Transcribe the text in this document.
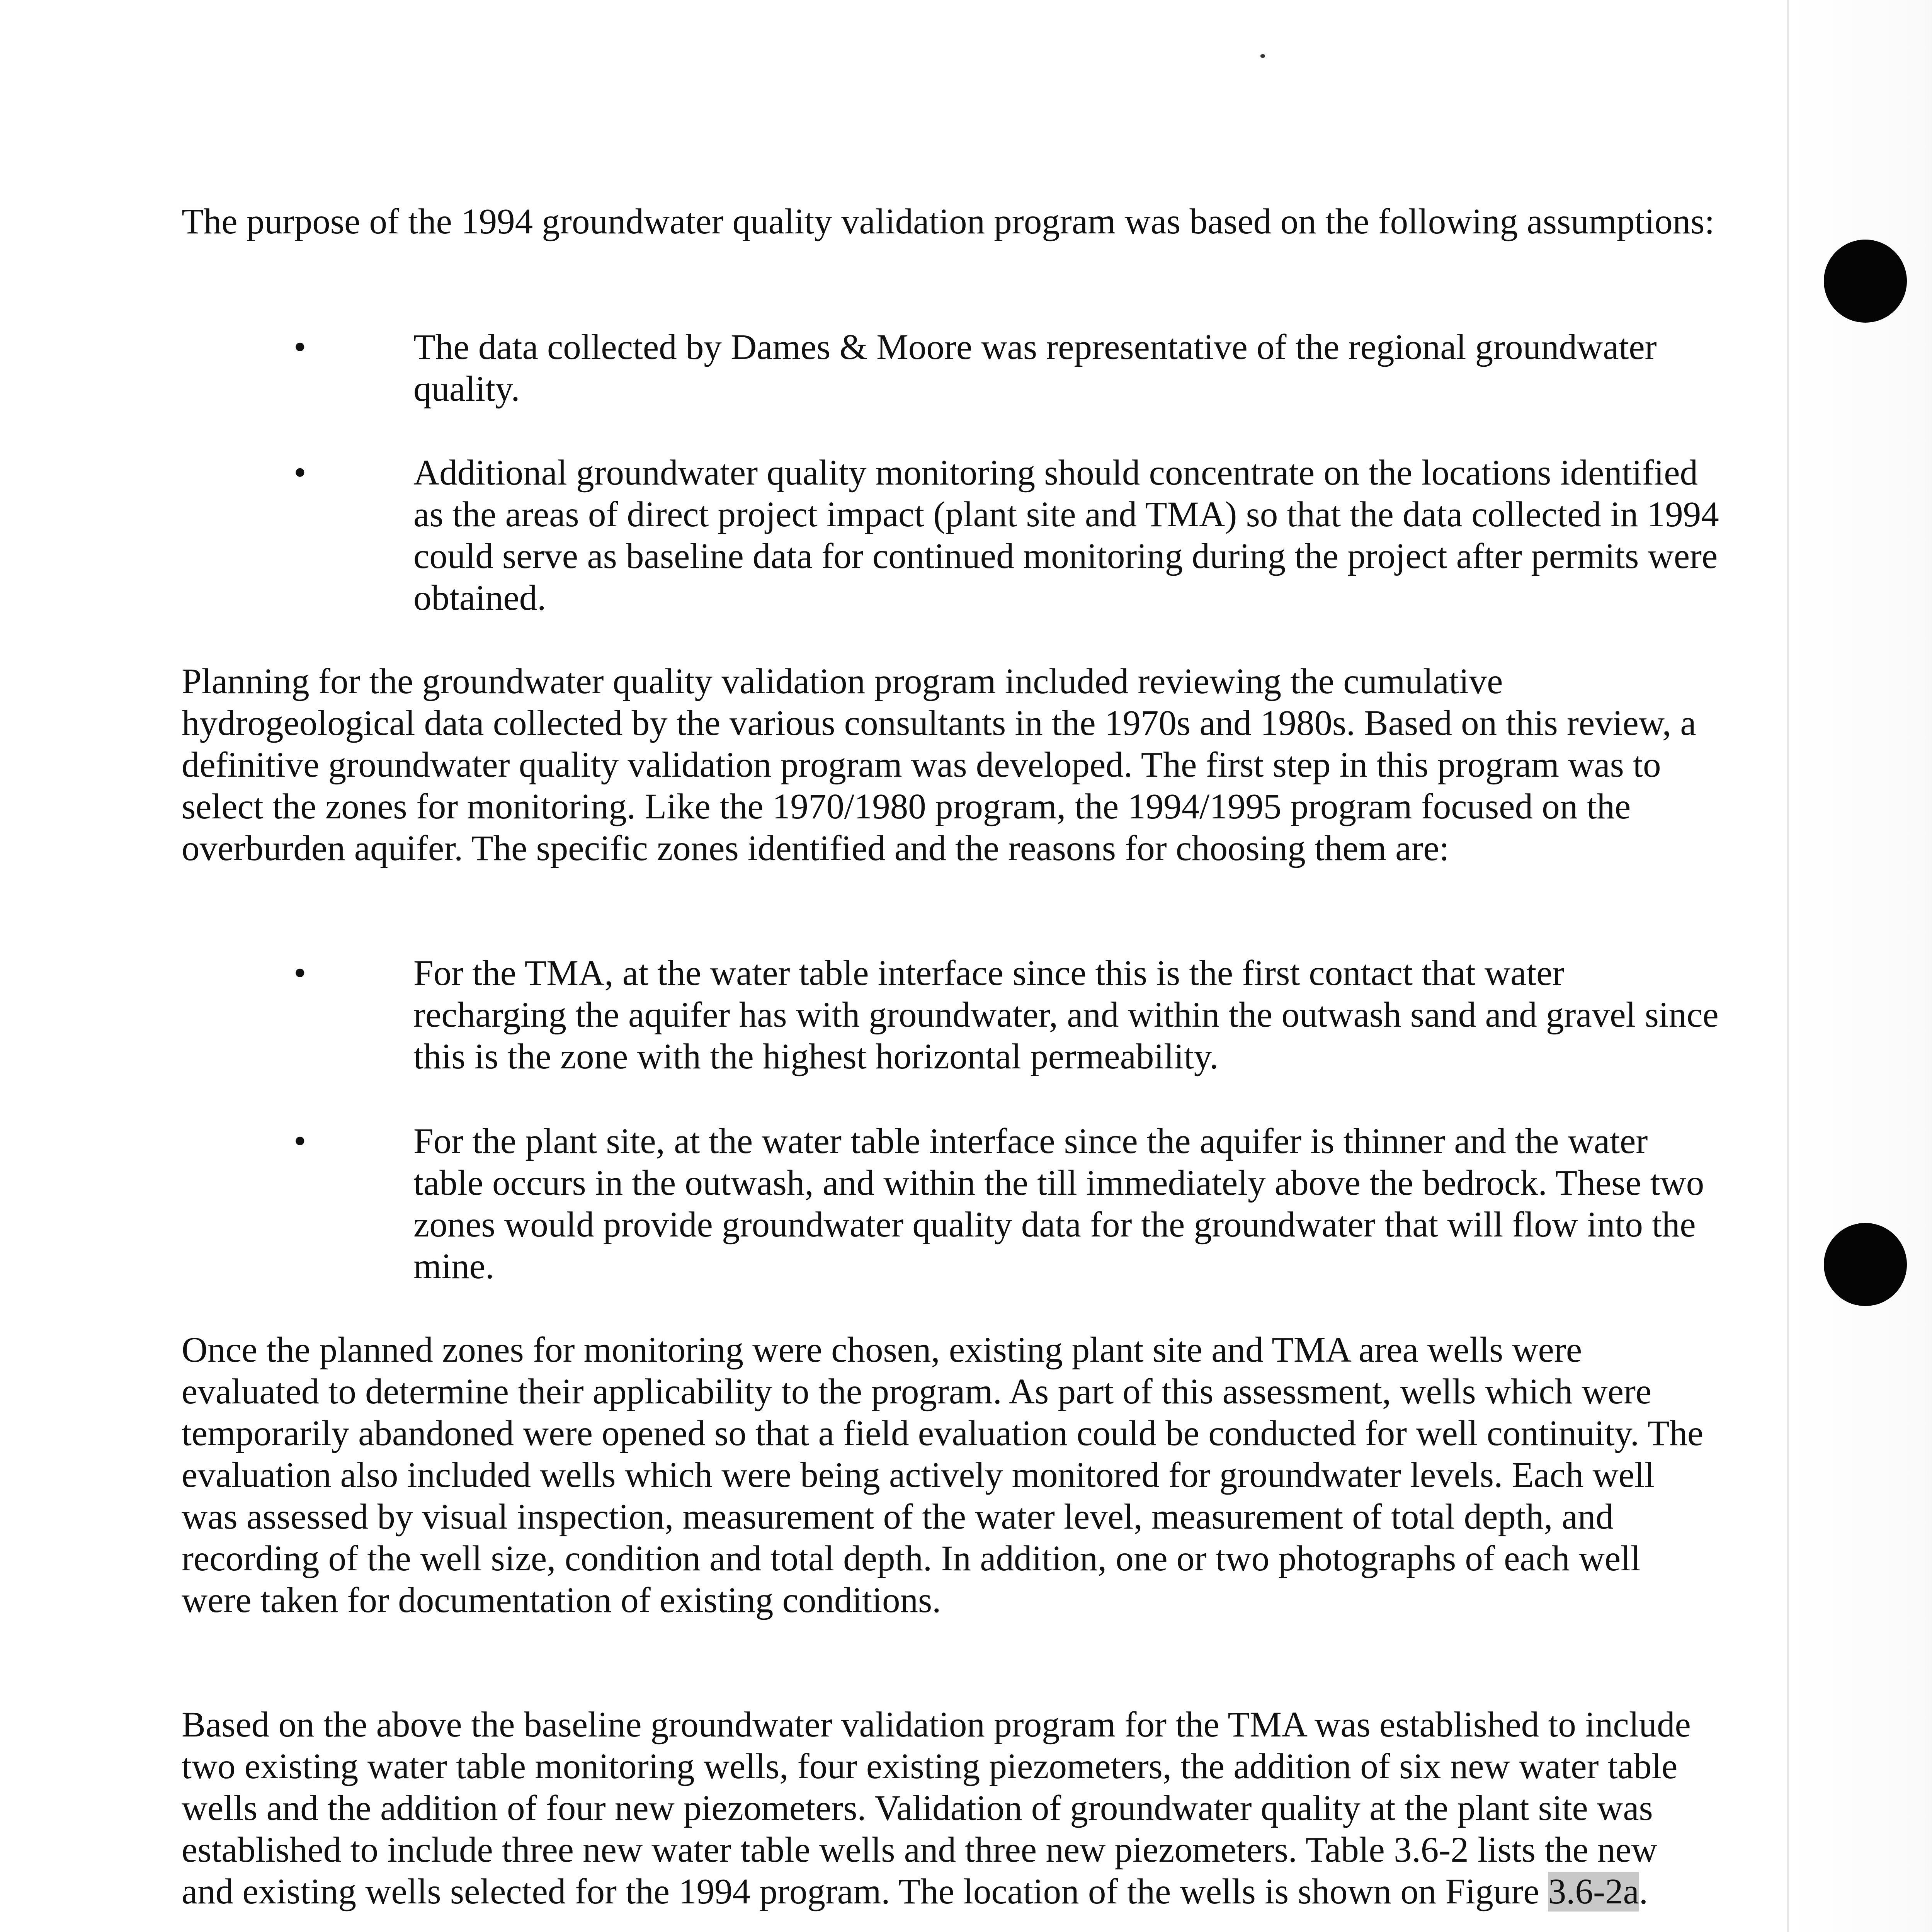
The purpose of the 1994 groundwater quality validation program was based on the following assumptions:

•	The data collected by Dames & Moore was representative of the regional groundwater quality.

•	Additional groundwater quality monitoring should concentrate on the locations identified as the areas of direct project impact (plant site and TMA) so that the data collected in 1994 could serve as baseline data for continued monitoring during the project after permits were obtained.

Planning for the groundwater quality validation program included reviewing the cumulative hydrogeological data collected by the various consultants in the 1970s and 1980s. Based on this review, a definitive groundwater quality validation program was developed. The first step in this program was to select the zones for monitoring. Like the 1970/1980 program, the 1994/1995 program focused on the overburden aquifer. The specific zones identified and the reasons for choosing them are:

•	For the TMA, at the water table interface since this is the first contact that water recharging the aquifer has with groundwater, and within the outwash sand and gravel since this is the zone with the highest horizontal permeability.

•	For the plant site, at the water table interface since the aquifer is thinner and the water table occurs in the outwash, and within the till immediately above the bedrock. These two zones would provide groundwater quality data for the groundwater that will flow into the mine.

Once the planned zones for monitoring were chosen, existing plant site and TMA area wells were evaluated to determine their applicability to the program. As part of this assessment, wells which were temporarily abandoned were opened so that a field evaluation could be conducted for well continuity. The evaluation also included wells which were being actively monitored for groundwater levels. Each well was assessed by visual inspection, measurement of the water level, measurement of total depth, and recording of the well size, condition and total depth. In addition, one or two photographs of each well were taken for documentation of existing conditions.

Based on the above the baseline groundwater validation program for the TMA was established to include two existing water table monitoring wells, four existing piezometers, the addition of six new water table wells and the addition of four new piezometers. Validation of groundwater quality at the plant site was established to include three new water table wells and three new piezometers. Table 3.6-2 lists the new and existing wells selected for the 1994 program. The location of the wells is shown on Figure 3.6-2a.
